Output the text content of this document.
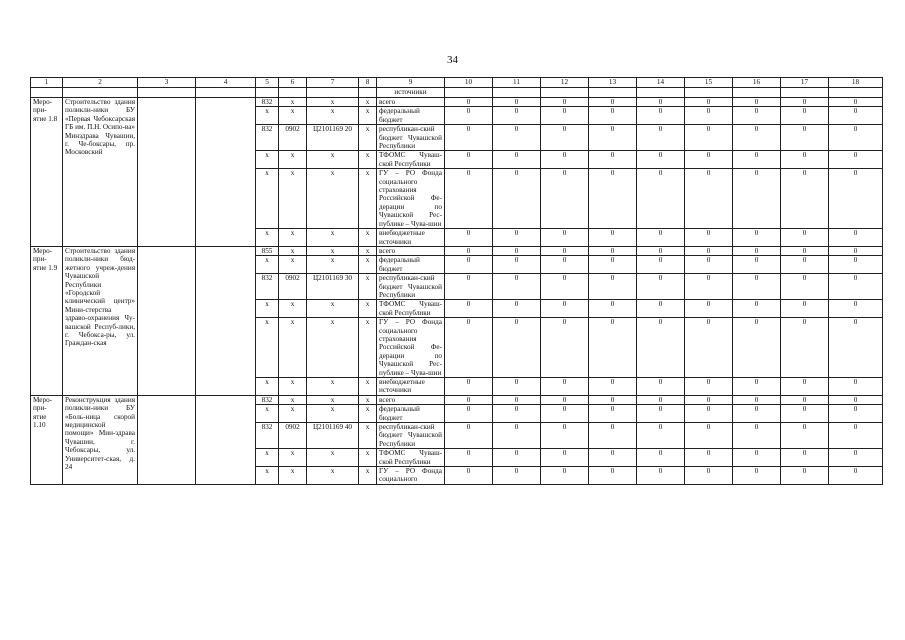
34
1	2	3	4	5	6	7	8	9	10	11	12	13	14	15	16	17	18
								источники									
Меро-при-ятие 1.8	Строительство здания поликли-ники БУ «Первая Чебоксарская ГБ им. П.Н. Осипо-ва» Минздрава Чувашии, г. Че-боксары, пр. Московский			832	x	x	x	всего	0	0	0	0	0	0	0	0	0
				x	x	x	x	федеральный бюджет	0	0	0	0	0	0	0	0	0
				832	0902	Ц2101169 20	x	республикан-ский бюджет Чувашской Республики	0	0	0	0	0	0	0	0	0
				x	x	x	x	ТФОМС Чуваш-ской Республики	0	0	0	0	0	0	0	0	0
				x	x	x	x	ГУ – РО Фонда социального страхования Российской Фе-дерации по Чувашской Рес-публике – Чува-шии	0	0	0	0	0	0	0	0	0
				x	x	x	x	внебюджетные источники	0	0	0	0	0	0	0	0	0
Меро-при-ятие 1.9	Строительство здания поликли-ники бюд-жетного учреж-дения Чувашской Республики «Городской клинический центр» Мини-стерства здраво-охранения Чу-вашской Респуб-лики, г. Чебокса-ры, ул. Граждан-ская			855	x	x	x	всего	0	0	0	0	0	0	0	0	0
				x	x	x	x	федеральный бюджет	0	0	0	0	0	0	0	0	0
				832	0902	Ц2101169 30	x	республикан-ский бюджет Чувашской Республики	0	0	0	0	0	0	0	0	0
				x	x	x	x	ТФОМС Чуваш-ской Республики	0	0	0	0	0	0	0	0	0
				x	x	x	x	ГУ – РО Фонда социального страхования Российской Фе-дерации по Чувашской Рес-публике – Чува-шии	0	0	0	0	0	0	0	0	0
				x	x	x	x	внебюджетные источники	0	0	0	0	0	0	0	0	0
Меро-при-ятие 1.10	Реконструкция здания поликли-ники БУ «Боль-ница скорой медицинской помощи» Мин-здрава Чувашии, г. Чебоксары, ул. Университет-ская, д. 24			832	x	x	x	всего	0	0	0	0	0	0	0	0	0
				x	x	x	x	федеральный бюджет	0	0	0	0	0	0	0	0	0
				832	0902	Ц2101169 40	x	республикан-ский бюджет Чувашской Республики	0	0	0	0	0	0	0	0	0
				x	x	x	x	ТФОМС Чуваш-ской Республики	0	0	0	0	0	0	0	0	0
				x	x	x	x	ГУ – РО Фонда социального	0	0	0	0	0	0	0	0	0
